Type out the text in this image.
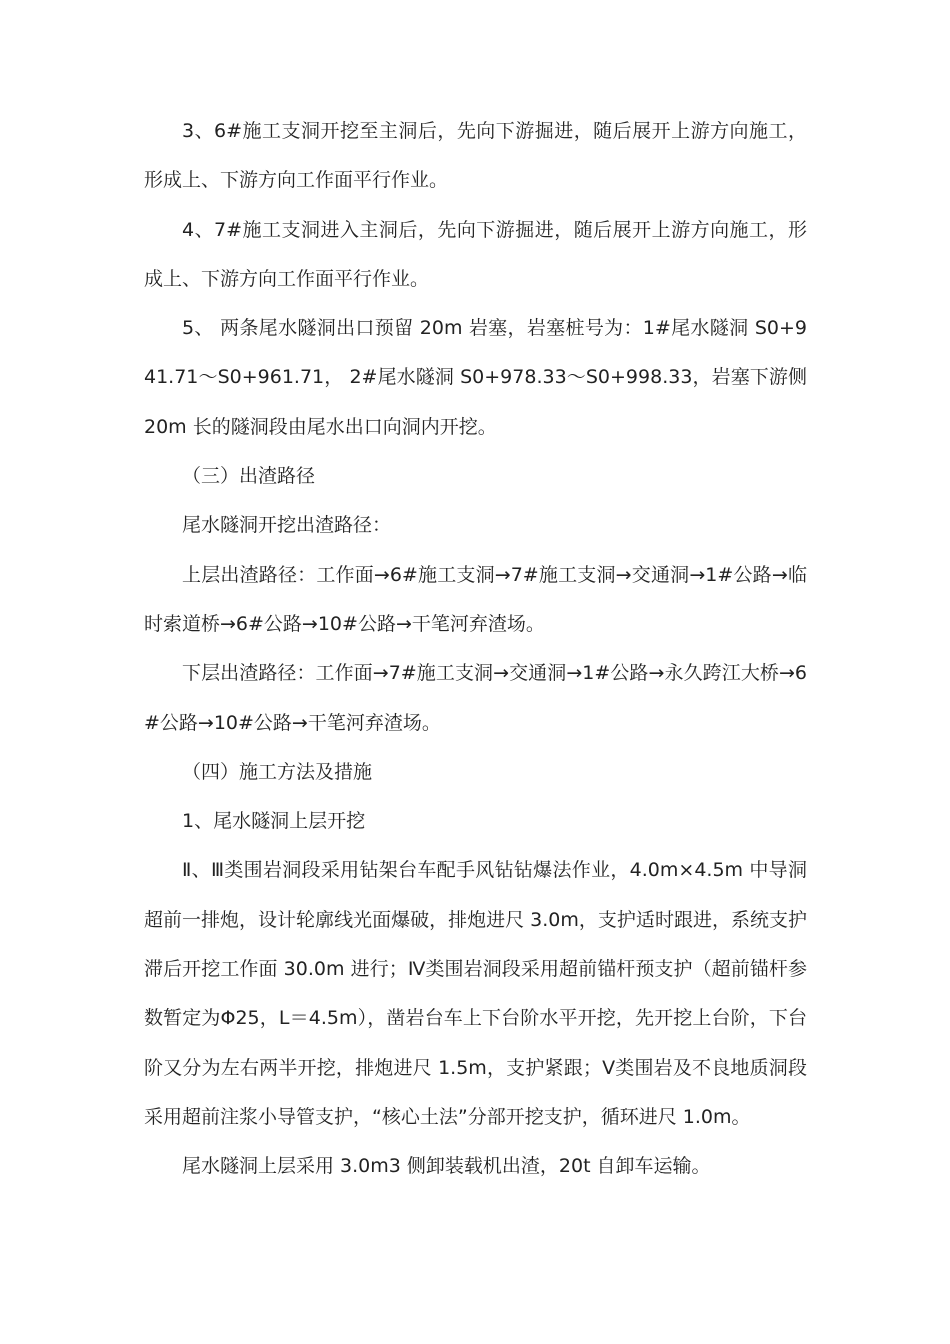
3、6#施工支洞开挖至主洞后，先向下游掘进，随后展开上游方向施工，形成上、下游方向工作面平行作业。

4、7#施工支洞进入主洞后，先向下游掘进，随后展开上游方向施工，形成上、下游方向工作面平行作业。

5、 两条尾水隧洞出口预留 20m 岩塞，岩塞桩号为：1#尾水隧洞 S0+941.71～S0+961.71， 2#尾水隧洞 S0+978.33～S0+998.33，岩塞下游侧 20m 长的隧洞段由尾水出口向洞内开挖。

（三）出渣路径

尾水隧洞开挖出渣路径：

上层出渣路径：工作面→6#施工支洞→7#施工支洞→交通洞→1#公路→临时索道桥→6#公路→10#公路→干笔河弃渣场。

下层出渣路径：工作面→7#施工支洞→交通洞→1#公路→永久跨江大桥→6#公路→10#公路→干笔河弃渣场。

（四）施工方法及措施

1、尾水隧洞上层开挖

Ⅱ、Ⅲ类围岩洞段采用钻架台车配手风钻钻爆法作业，4.0m×4.5m 中导洞超前一排炮，设计轮廓线光面爆破，排炮进尺 3.0m，支护适时跟进，系统支护滞后开挖工作面 30.0m 进行；Ⅳ类围岩洞段采用超前锚杆预支护（超前锚杆参数暂定为Φ25，L＝4.5m），凿岩台车上下台阶水平开挖，先开挖上台阶，下台阶又分为左右两半开挖，排炮进尺 1.5m，支护紧跟；Ⅴ类围岩及不良地质洞段采用超前注浆小导管支护，“核心土法”分部开挖支护，循环进尺 1.0m。

尾水隧洞上层采用 3.0m3 侧卸装载机出渣，20t 自卸车运输。
